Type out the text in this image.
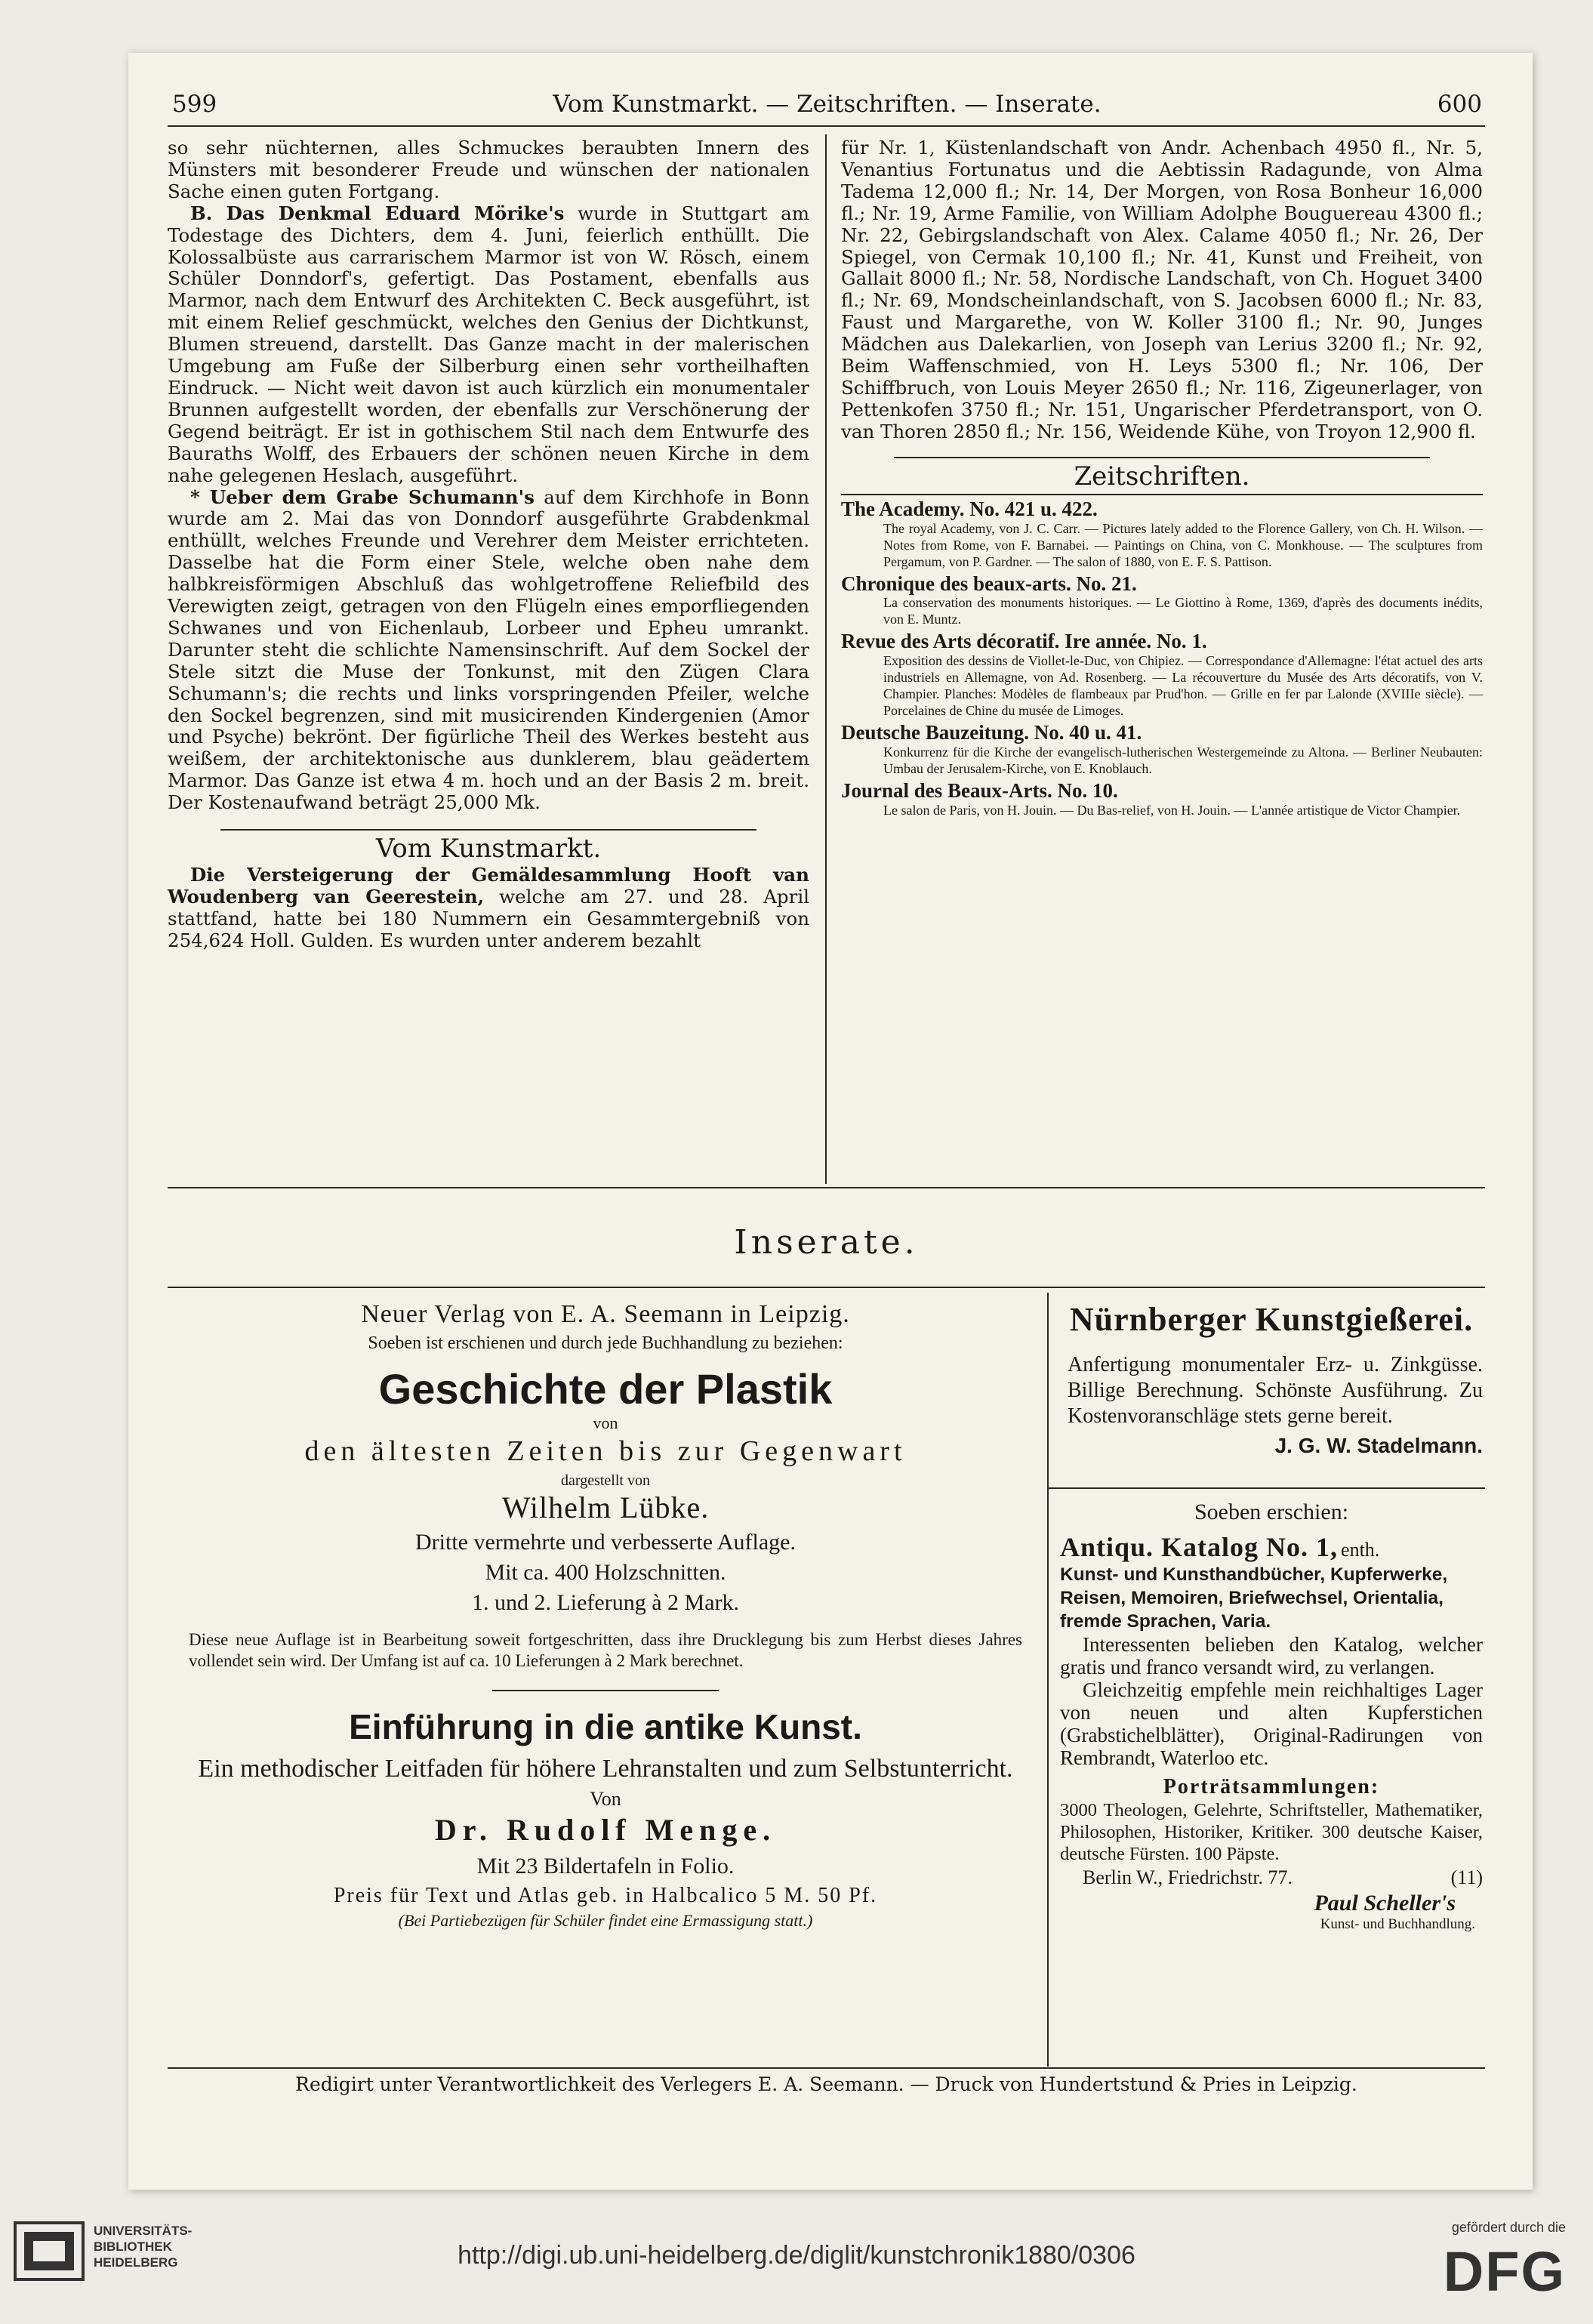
599	Vom Kunstmarkt. — Zeitschriften. — Inserate.	600

so sehr nüchternen, alles Schmuckes beraubten Innern des Münsters mit besonderer Freude und wünschen der nationalen Sache einen guten Fortgang.

B. Das Denkmal Eduard Mörike's wurde in Stuttgart am Todestage des Dichters, dem 4. Juni, feierlich enthüllt. Die Kolossalbüste aus carrarischem Marmor ist von W. Rösch, einem Schüler Donndorf's, gefertigt. Das Postament, ebenfalls aus Marmor, nach dem Entwurf des Architekten C. Beck ausgeführt, ist mit einem Relief geschmückt, welches den Genius der Dichtkunst, Blumen streuend, darstellt. Das Ganze macht in der malerischen Umgebung am Fuße der Silberburg einen sehr vortheilhaften Eindruck. — Nicht weit davon ist auch kürzlich ein monumentaler Brunnen aufgestellt worden, der ebenfalls zur Verschönerung der Gegend beiträgt. Er ist in gothischem Stil nach dem Entwurfe des Bauraths Wolff, des Erbauers der schönen neuen Kirche in dem nahe gelegenen Heslach, ausgeführt.

* Ueber dem Grabe Schumann's auf dem Kirchhofe in Bonn wurde am 2. Mai das von Donndorf ausgeführte Grabdenkmal enthüllt, welches Freunde und Verehrer dem Meister errichteten. Dasselbe hat die Form einer Stele, welche oben nahe dem halbkreisförmigen Abschluß das wohlgetroffene Reliefbild des Verewigten zeigt, getragen von den Flügeln eines emporfliegenden Schwanes und von Eichenlaub, Lorbeer und Epheu umrankt. Darunter steht die schlichte Namensinschrift. Auf dem Sockel der Stele sitzt die Muse der Tonkunst, mit den Zügen Clara Schumann's; die rechts und links vorspringenden Pfeiler, welche den Sockel begrenzen, sind mit musicirenden Kindergenien (Amor und Psyche) bekrönt. Der figürliche Theil des Werkes besteht aus weißem, der architektonische aus dunklerem, blau geädertem Marmor. Das Ganze ist etwa 4 m. hoch und an der Basis 2 m. breit. Der Kostenaufwand beträgt 25,000 Mk.

Vom Kunstmarkt.

Die Versteigerung der Gemäldesammlung Hooft van Woudenberg van Geerestein, welche am 27. und 28. April stattfand, hatte bei 180 Nummern ein Gesammtergebniß von 254,624 Holl. Gulden. Es wurden unter anderem bezahlt

für Nr. 1, Küstenlandschaft von Andr. Achenbach 4950 fl., Nr. 5, Venantius Fortunatus und die Aebtissin Radagunde, von Alma Tadema 12,000 fl.; Nr. 14, Der Morgen, von Rosa Bonheur 16,000 fl.; Nr. 19, Arme Familie, von William Adolphe Bouguereau 4300 fl.; Nr. 22, Gebirgslandschaft von Alex. Calame 4050 fl.; Nr. 26, Der Spiegel, von Cermak 10,100 fl.; Nr. 41, Kunst und Freiheit, von Gallait 8000 fl.; Nr. 58, Nordische Landschaft, von Ch. Hoguet 3400 fl.; Nr. 69, Mondscheinlandschaft, von S. Jacobsen 6000 fl.; Nr. 83, Faust und Margarethe, von W. Koller 3100 fl.; Nr. 90, Junges Mädchen aus Dalekarlien, von Joseph van Lerius 3200 fl.; Nr. 92, Beim Waffenschmied, von H. Leys 5300 fl.; Nr. 106, Der Schiffbruch, von Louis Meyer 2650 fl.; Nr. 116, Zigeunerlager, von Pettenkofen 3750 fl.; Nr. 151, Ungarischer Pferdetransport, von O. van Thoren 2850 fl.; Nr. 156, Weidende Kühe, von Troyon 12,900 fl.

Zeitschriften.
The Academy. No. 421 u. 422.
The royal Academy, von J. C. Carr. — Pictures lately added to the Florence Gallery, von Ch. H. Wilson. — Notes from Rome, von F. Barnabei. — Paintings on China, von C. Monkhouse. — The sculptures from Pergamum, von P. Gardner. — The salon of 1880, von E. F. S. Pattison.
Chronique des beaux-arts. No. 21.
La conservation des monuments historiques. — Le Giottino à Rome, 1369, d'après des documents inédits, von E. Muntz.
Revue des Arts décoratif. Ire année. No. 1.
Exposition des dessins de Viollet-le-Duc, von Chipiez. — Correspondance d'Allemagne: l'état actuel des arts industriels en Allemagne, von Ad. Rosenberg. — La récouverture du Musée des Arts décoratifs, von V. Champier. Planches: Modèles de flambeaux par Prud'hon. — Grille en fer par Lalonde (XVIIIe siècle). — Porcelaines de Chine du musée de Limoges.
Deutsche Bauzeitung. No. 40 u. 41.
Konkurrenz für die Kirche der evangelisch-lutherischen Westergemeinde zu Altona. — Berliner Neubauten: Umbau der Jerusalem-Kirche, von E. Knoblauch.
Journal des Beaux-Arts. No. 10.
Le salon de Paris, von H. Jouin. — Du Bas-relief, von H. Jouin. — L'année artistique de Victor Champier.
Inserate.
Neuer Verlag von E. A. Seemann in Leipzig.
Soeben ist erschienen und durch jede Buchhandlung zu beziehen:
Geschichte der Plastik
von
den ältesten Zeiten bis zur Gegenwart
dargestellt von
Wilhelm Lübke.
Dritte vermehrte und verbesserte Auflage.
Mit ca. 400 Holzschnitten.
1. und 2. Lieferung à 2 Mark.
Diese neue Auflage ist in Bearbeitung soweit fortgeschritten, dass ihre Drucklegung bis zum Herbst dieses Jahres vollendet sein wird. Der Umfang ist auf ca. 10 Lieferungen à 2 Mark berechnet.
Einführung in die antike Kunst.
Ein methodischer Leitfaden für höhere Lehranstalten und zum Selbstunterricht.
Von
Dr. Rudolf Menge.
Mit 23 Bildertafeln in Folio.
Preis für Text und Atlas geb. in Halbcalico 5 M. 50 Pf.
(Bei Partiebezügen für Schüler findet eine Ermassigung statt.)
Nürnberger Kunstgießerei.
Anfertigung monumentaler Erz- u. Zinkgüsse. Billige Berechnung. Schönste Ausführung. Zu Kostenvoranschläge stets gerne bereit.
J. G. W. Stadelmann.
Soeben erschien:
Antiqu. Katalog No. 1, enth.
Kunst- und Kunsthandbücher, Kupferwerke, Reisen, Memoiren, Briefwechsel, Orientalia, fremde Sprachen, Varia.
Interessenten belieben den Katalog, welcher gratis und franco versandt wird, zu verlangen.
Gleichzeitig empfehle mein reichhaltiges Lager von neuen und alten Kupferstichen (Grabstichelblätter), Original-Radirungen von Rembrandt, Waterloo etc.
Porträtsammlungen:
3000 Theologen, Gelehrte, Schriftsteller, Mathematiker, Philosophen, Historiker, Kritiker. 300 deutsche Kaiser, deutsche Fürsten. 100 Päpste.
Berlin W., Friedrichstr. 77.	(11)
Paul Scheller's
Kunst- und Buchhandlung.
Redigirt unter Verantwortlichkeit des Verlegers E. A. Seemann. — Druck von Hundertstund & Pries in Leipzig.
UNIVERSITÄTS-
BIBLIOTHEK
HEIDELBERG	http://digi.ub.uni-heidelberg.de/diglit/kunstchronik1880/0306
gefördert durch die
DFG
